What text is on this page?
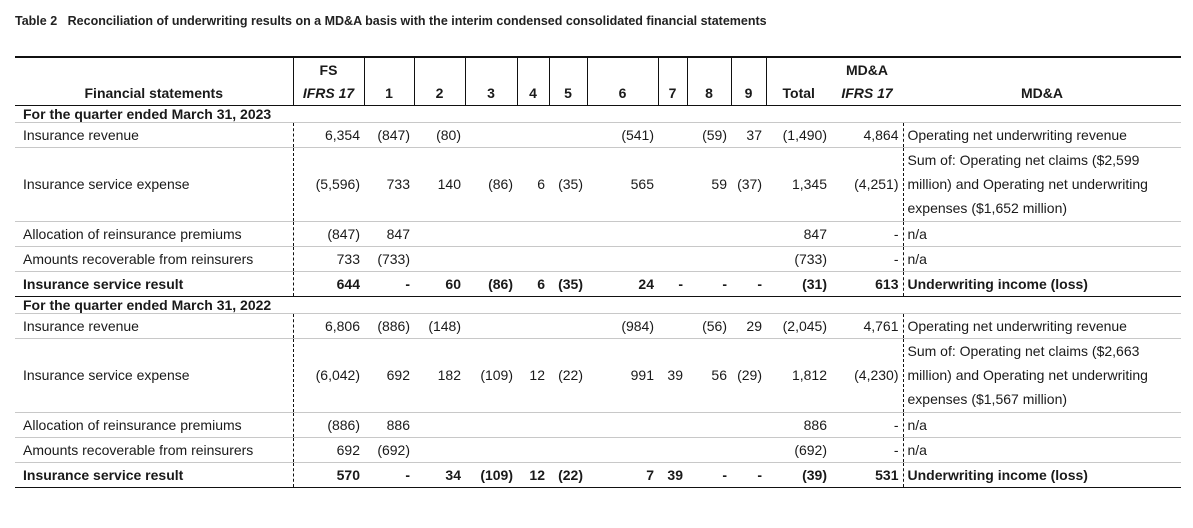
Table 2 Reconciliation of underwriting results on a MD&A basis with the interim condensed consolidated financial statements
	FS											MD&A	
Financial statements	IFRS 17	1	2	3	4	5	6	7	8	9	Total	IFRS 17	MD&A
For the quarter ended March 31, 2023													
Insurance revenue	6,354	(847)	(80)				(541)		(59)	37	(1,490)	4,864	Operating net underwriting revenue
Insurance service expense	(5,596)	733	140	(86)	6	(35)	565		59	(37)	1,345	(4,251)	Sum of: Operating net claims ($2,599 million) and Operating net underwriting expenses ($1,652 million)
Allocation of reinsurance premiums	(847)	847									847	-	n/a
Amounts recoverable from reinsurers	733	(733)									(733)	-	n/a
Insurance service result	644	-	60	(86)	6	(35)	24	-	-	-	(31)	613	Underwriting income (loss)
For the quarter ended March 31, 2022													
Insurance revenue	6,806	(886)	(148)				(984)		(56)	29	(2,045)	4,761	Operating net underwriting revenue
Insurance service expense	(6,042)	692	182	(109)	12	(22)	991	39	56	(29)	1,812	(4,230)	Sum of: Operating net claims ($2,663 million) and Operating net underwriting expenses ($1,567 million)
Allocation of reinsurance premiums	(886)	886									886	-	n/a
Amounts recoverable from reinsurers	692	(692)									(692)	-	n/a
Insurance service result	570	-	34	(109)	12	(22)	7	39	-	-	(39)	531	Underwriting income (loss)
